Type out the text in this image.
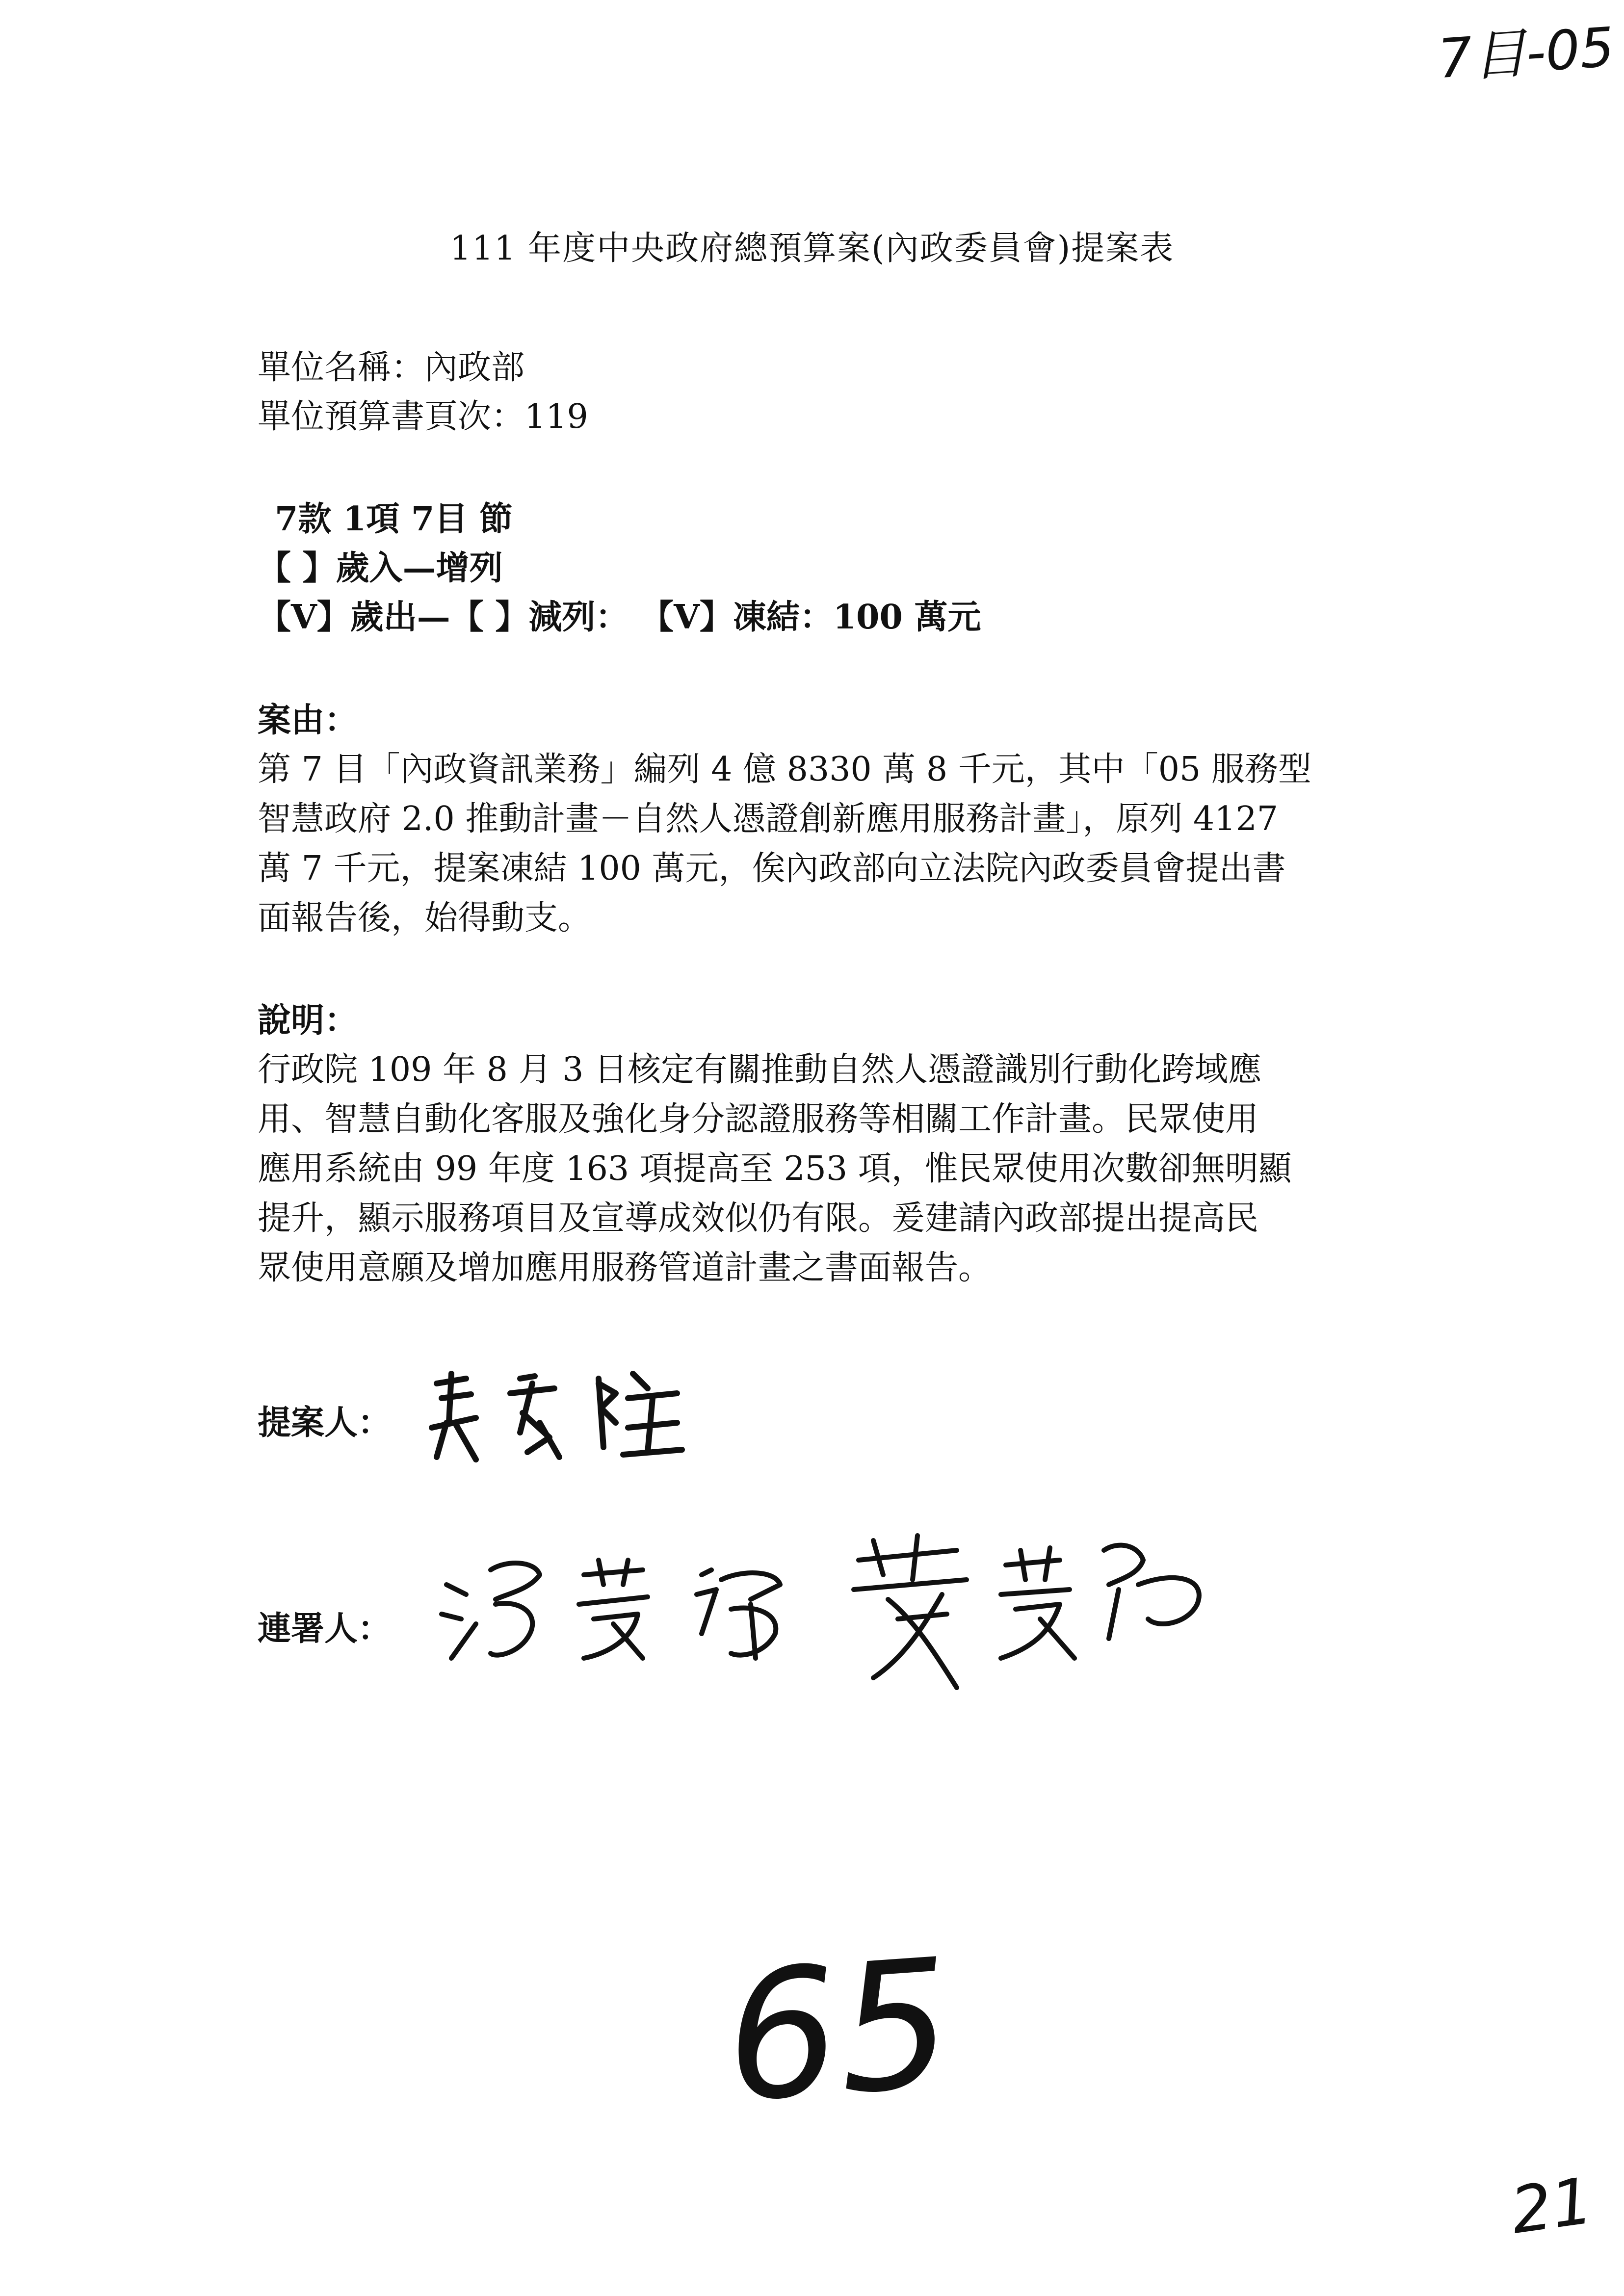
7目-05
111 年度中央政府總預算案(內政委員會)提案表
單位名稱：內政部
單位預算書頁次：119
7款 1項 7目 節
【 】歲入—增列
【V】歲出—【 】減列： 【V】凍結：100 萬元
案由：
第 7 目「內政資訊業務」編列 4 億 8330 萬 8 千元，其中「05 服務型
智慧政府 2.0 推動計畫－自然人憑證創新應用服務計畫」，原列 4127
萬 7 千元，提案凍結 100 萬元，俟內政部向立法院內政委員會提出書
面報告後，始得動支。
說明：
行政院 109 年 8 月 3 日核定有關推動自然人憑證識別行動化跨域應
用、智慧自動化客服及強化身分認證服務等相關工作計畫。民眾使用
應用系統由 99 年度 163 項提高至 253 項，惟民眾使用次數卻無明顯
提升，顯示服務項目及宣導成效似仍有限。爰建請內政部提出提高民
眾使用意願及增加應用服務管道計畫之書面報告。
提案人：
連署人：
65
21
